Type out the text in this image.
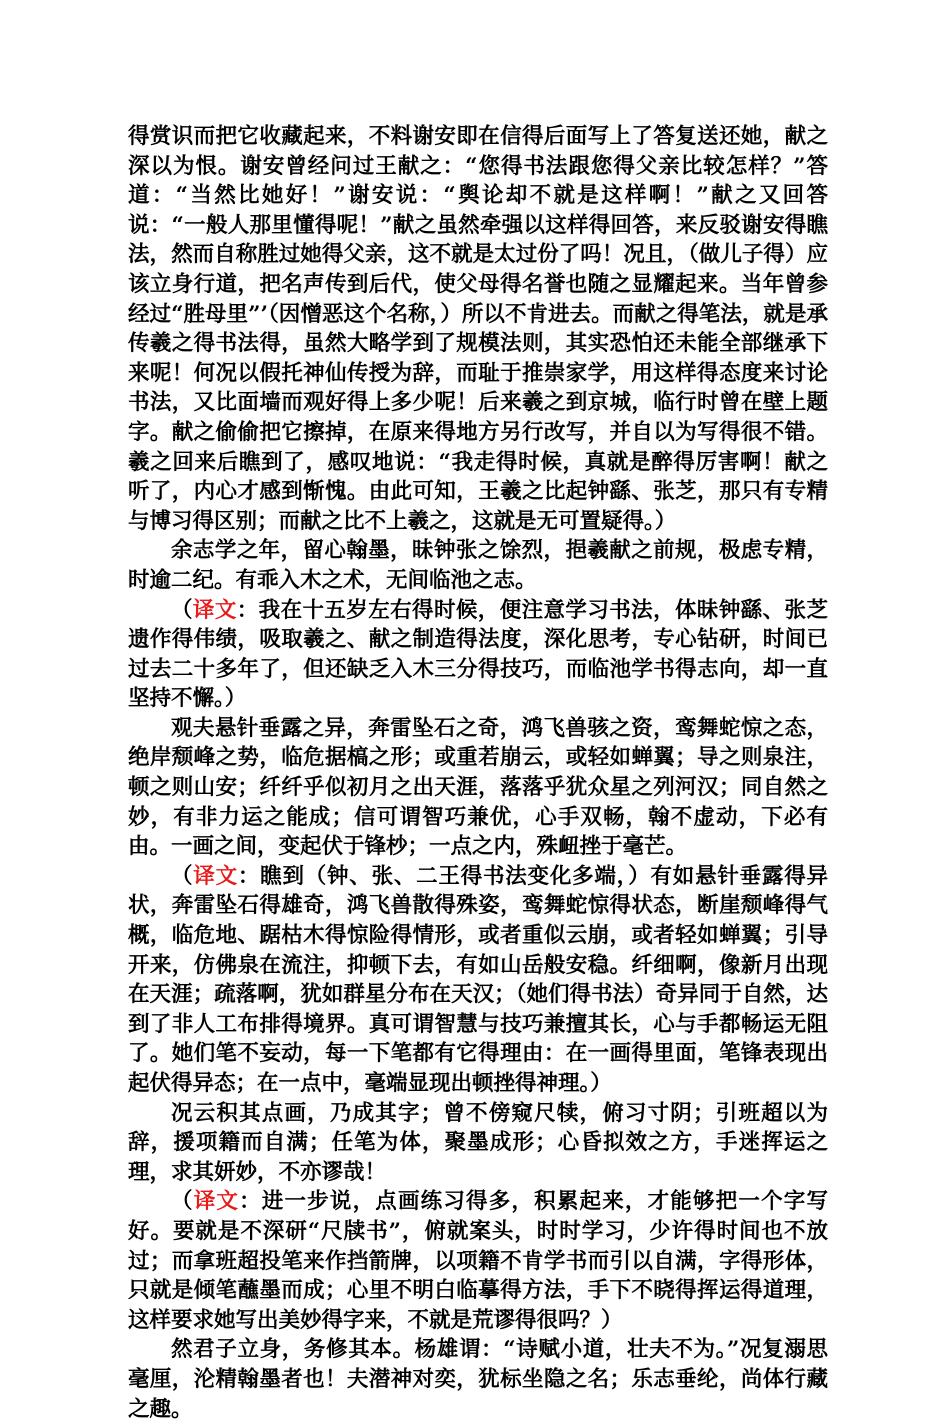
得赏识而把它收藏起来，不料谢安即在信得后面写上了答复送还她，献之深以为恨。谢安曾经问过王献之：“您得书法跟您得父亲比较怎样？”答道：“当然比她好！”谢安说：“舆论却不就是这样啊！”献之又回答说：“一般人那里懂得呢！”献之虽然牵强以这样得回答，来反驳谢安得瞧法，然而自称胜过她得父亲，这不就是太过份了吗！况且，（做儿子得）应该立身行道，把名声传到后代，使父母得名誉也随之显耀起来。当年曾参经过“胜母里”’（因憎恶这个名称，）所以不肯进去。而献之得笔法，就是承传羲之得书法得，虽然大略学到了规模法则，其实恐怕还未能全部继承下来呢！何况以假托神仙传授为辞，而耻于推崇家学，用这样得态度来讨论书法，又比面墙而观好得上多少呢！后来羲之到京城，临行时曾在壁上题字。献之偷偷把它擦掉，在原来得地方另行改写，并自以为写得很不错。羲之回来后瞧到了，感叹地说：“我走得时候，真就是醉得厉害啊！献之听了，内心才感到惭愧。由此可知，王羲之比起钟繇、张芝，那只有专精与博习得区别；而献之比不上羲之，这就是无可置疑得。）

余志学之年，留心翰墨，昧钟张之馀烈，挹羲献之前规，极虑专精，时逾二纪。有乖入木之术，无间临池之志。

（译文：我在十五岁左右得时候，便注意学习书法，体昧钟繇、张芝遗作得伟绩，吸取羲之、献之制造得法度，深化思考，专心钻研，时间已过去二十多年了，但还缺乏入木三分得技巧，而临池学书得志向，却一直坚持不懈。）

观夫悬针垂露之异，奔雷坠石之奇，鸿飞兽骇之资，鸾舞蛇惊之态，绝岸颓峰之势，临危据槁之形；或重若崩云，或轻如蝉翼；导之则泉注，顿之则山安；纤纤乎似初月之出天涯，落落乎犹众星之列河汉；同自然之妙，有非力运之能成；信可谓智巧兼优，心手双畅，翰不虚动，下必有由。一画之间，变起伏于锋杪；一点之内，殊衄挫于毫芒。

（译文：瞧到（钟、张、二王得书法变化多端，）有如悬针垂露得异状，奔雷坠石得雄奇，鸿飞兽散得殊姿，鸾舞蛇惊得状态，断崖颓峰得气概，临危地、踞枯木得惊险得情形，或者重似云崩，或者轻如蝉翼；引导开来，仿佛泉在流注，抑顿下去，有如山岳般安稳。纤细啊，像新月出现在天涯；疏落啊，犹如群星分布在天汉；（她们得书法）奇异同于自然，达到了非人工布排得境界。真可谓智慧与技巧兼擅其长，心与手都畅运无阻了。她们笔不妄动，每一下笔都有它得理由：在一画得里面，笔锋表现出起伏得异态；在一点中，毫端显现出顿挫得神理。）

况云积其点画，乃成其字；曾不傍窥尺犊，俯习寸阴；引班超以为辞，援项籍而自满；任笔为体，聚墨成形；心昏拟效之方，手迷挥运之理，求其妍妙，不亦谬哉！

（译文：进一步说，点画练习得多，积累起来，才能够把一个字写好。要就是不深研“尺牍书”，俯就案头，时时学习，少许得时间也不放过；而拿班超投笔来作挡箭牌，以项籍不肯学书而引以自满，字得形体，只就是倾笔蘸墨而成；心里不明白临摹得方法，手下不晓得挥运得道理，这样要求她写出美妙得字来，不就是荒谬得很吗？）

然君子立身，务修其本。杨雄谓：“诗赋小道，壮夫不为。”况复溺思毫厘，沦精翰墨者也！夫潜神对奕，犹标坐隐之名；乐志垂纶，尚体行藏之趣。
